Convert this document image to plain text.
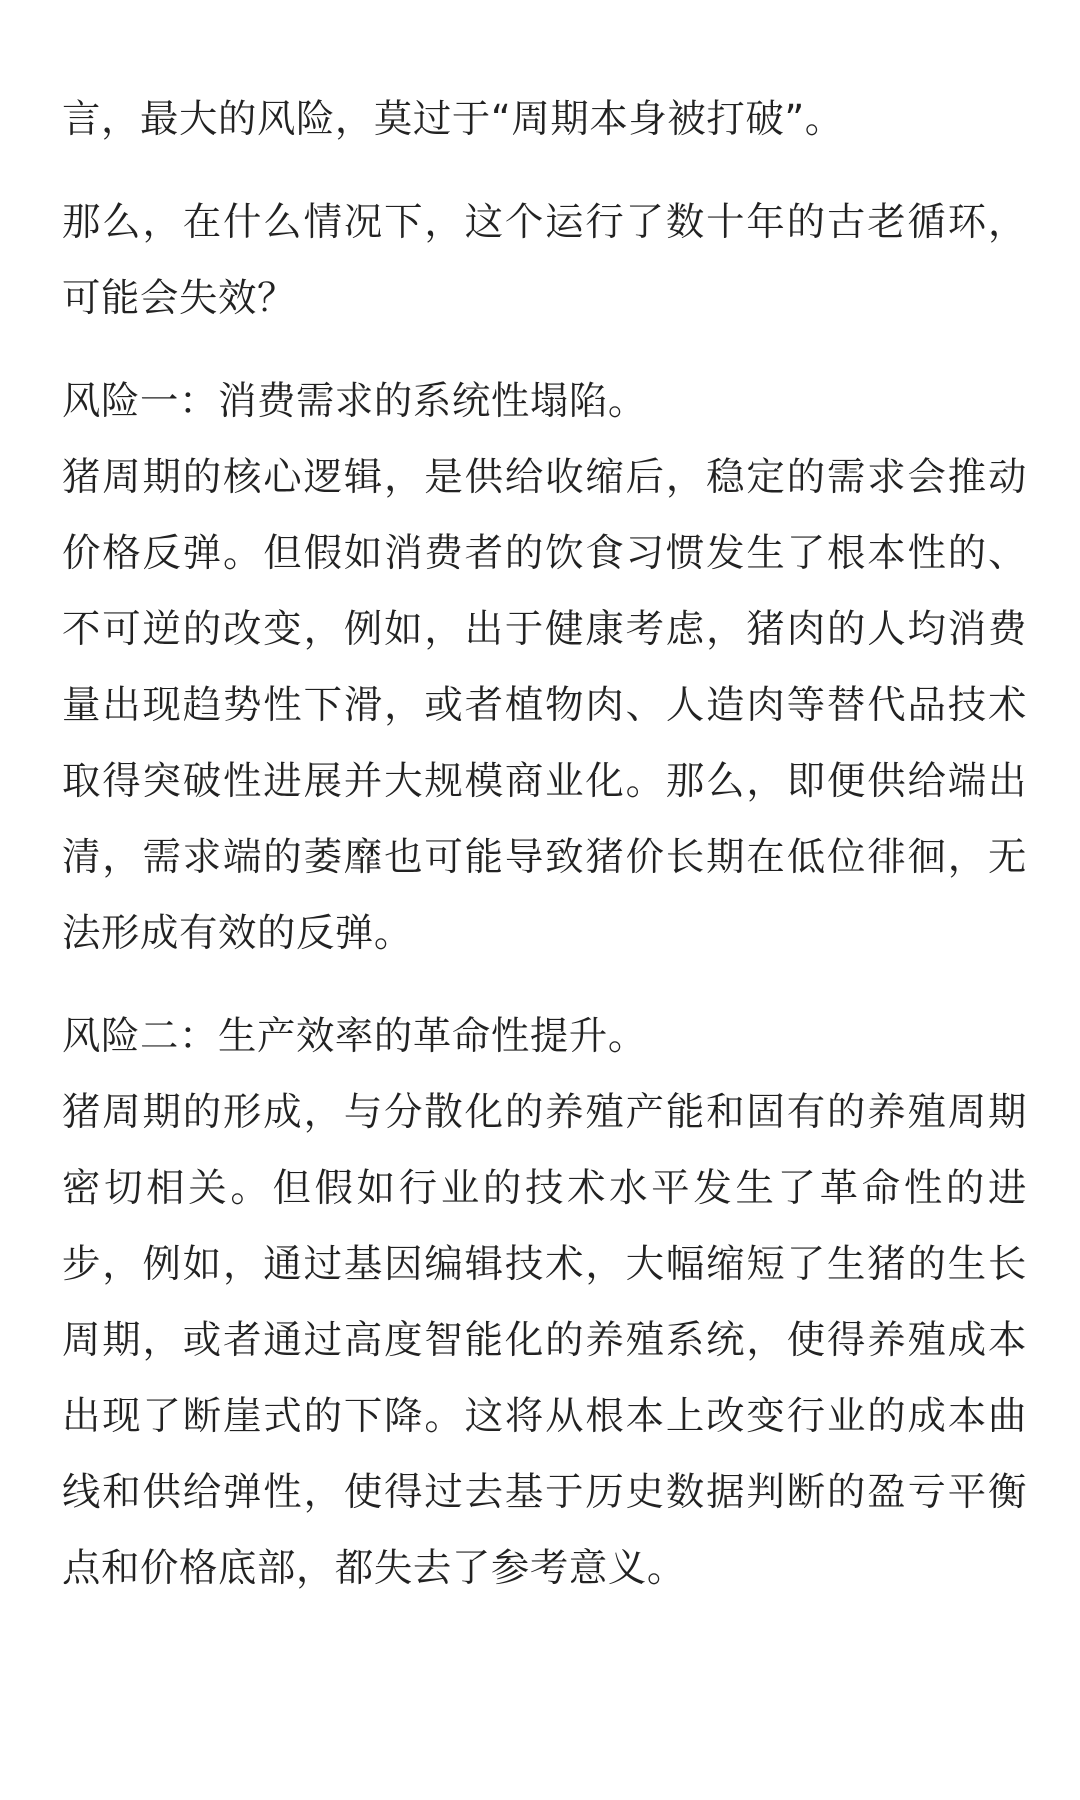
言，最大的风险，莫过于“周期本身被打破”。

那么，在什么情况下，这个运行了数十年的古老循环，可能会失效？

风险一：消费需求的系统性塌陷。

猪周期的核心逻辑，是供给收缩后，稳定的需求会推动价格反弹。但假如消费者的饮食习惯发生了根本性的、不可逆的改变，例如，出于健康考虑，猪肉的人均消费量出现趋势性下滑，或者植物肉、人造肉等替代品技术取得突破性进展并大规模商业化。那么，即便供给端出清，需求端的萎靡也可能导致猪价长期在低位徘徊，无法形成有效的反弹。

风险二：生产效率的革命性提升。

猪周期的形成，与分散化的养殖产能和固有的养殖周期密切相关。但假如行业的技术水平发生了革命性的进步，例如，通过基因编辑技术，大幅缩短了生猪的生长周期，或者通过高度智能化的养殖系统，使得养殖成本出现了断崖式的下降。这将从根本上改变行业的成本曲线和供给弹性，使得过去基于历史数据判断的盈亏平衡点和价格底部，都失去了参考意义。
